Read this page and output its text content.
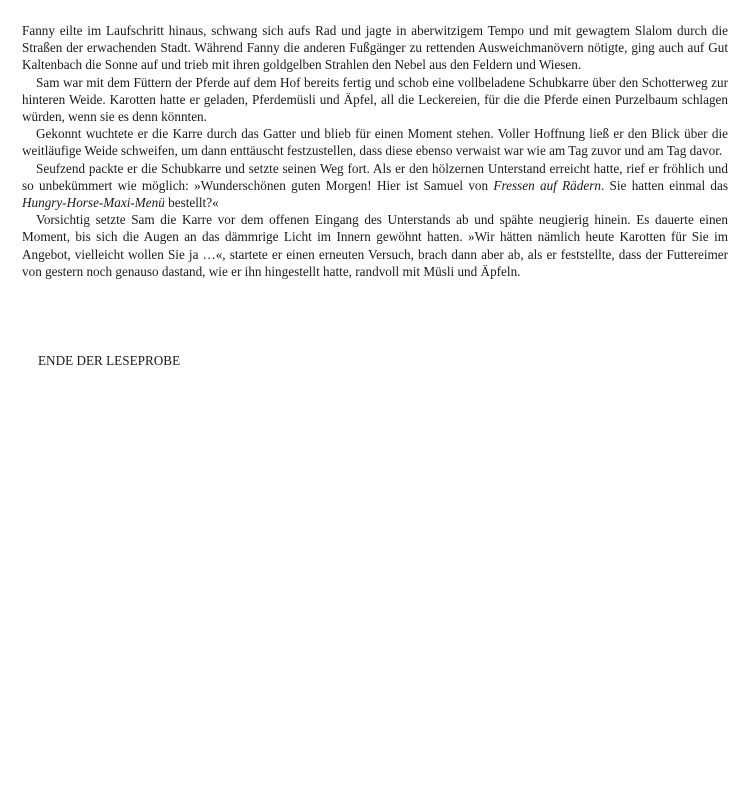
Fanny eilte im Laufschritt hinaus, schwang sich aufs Rad und jagte in aberwitzigem Tempo und mit gewagtem Slalom durch die Straßen der erwachenden Stadt. Während Fanny die anderen Fußgänger zu rettenden Ausweichmanövern nötigte, ging auch auf Gut Kaltenbach die Sonne auf und trieb mit ihren goldgelben Strahlen den Nebel aus den Feldern und Wiesen.

Sam war mit dem Füttern der Pferde auf dem Hof bereits fertig und schob eine vollbeladene Schubkarre über den Schotterweg zur hinteren Weide. Karotten hatte er geladen, Pferdemüsli und Äpfel, all die Leckereien, für die die Pferde einen Purzelbaum schlagen würden, wenn sie es denn könnten.

Gekonnt wuchtete er die Karre durch das Gatter und blieb für einen Moment stehen. Voller Hoffnung ließ er den Blick über die weitläufige Weide schweifen, um dann enttäuscht festzustellen, dass diese ebenso verwaist war wie am Tag zuvor und am Tag davor.

Seufzend packte er die Schubkarre und setzte seinen Weg fort. Als er den hölzernen Unterstand erreicht hatte, rief er fröhlich und so unbekümmert wie möglich: »Wunderschönen guten Morgen! Hier ist Samuel von Fressen auf Rädern. Sie hatten einmal das Hungry-Horse-Maxi-Menü bestellt?«

Vorsichtig setzte Sam die Karre vor dem offenen Eingang des Unterstands ab und spähte neugierig hinein. Es dauerte einen Moment, bis sich die Augen an das dämmrige Licht im Innern gewöhnt hatten. »Wir hätten nämlich heute Karotten für Sie im Angebot, vielleicht wollen Sie ja …«, startete er einen erneuten Versuch, brach dann aber ab, als er feststellte, dass der Futtereimer von gestern noch genauso dastand, wie er ihn hingestellt hatte, randvoll mit Müsli und Äpfeln.

ENDE DER LESEPROBE
